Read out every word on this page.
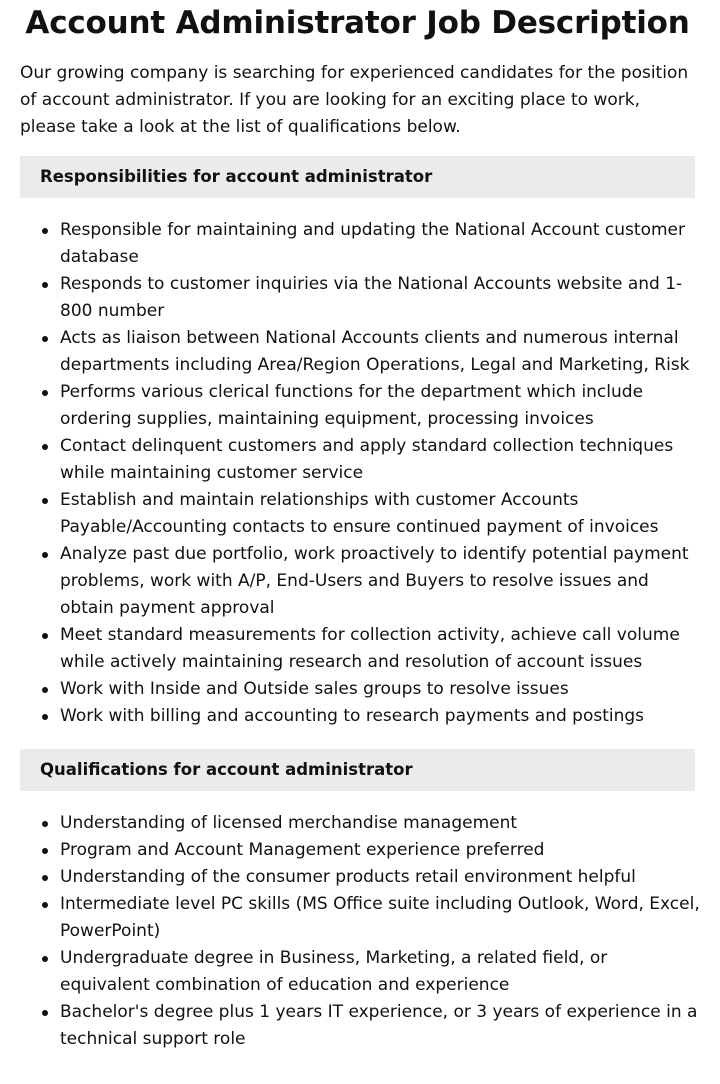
Account Administrator Job Description

Our growing company is searching for experienced candidates for the position of account administrator. If you are looking for an exciting place to work, please take a look at the list of qualifications below.

Responsibilities for account administrator
Responsible for maintaining and updating the National Account customer database
Responds to customer inquiries via the National Accounts website and 1-800 number
Acts as liaison between National Accounts clients and numerous internal departments including Area/Region Operations, Legal and Marketing, Risk
Performs various clerical functions for the department which include ordering supplies, maintaining equipment, processing invoices
Contact delinquent customers and apply standard collection techniques while maintaining customer service
Establish and maintain relationships with customer Accounts Payable/Accounting contacts to ensure continued payment of invoices
Analyze past due portfolio, work proactively to identify potential payment problems, work with A/P, End-Users and Buyers to resolve issues and obtain payment approval
Meet standard measurements for collection activity, achieve call volume while actively maintaining research and resolution of account issues
Work with Inside and Outside sales groups to resolve issues
Work with billing and accounting to research payments and postings
Qualifications for account administrator
Understanding of licensed merchandise management
Program and Account Management experience preferred
Understanding of the consumer products retail environment helpful
Intermediate level PC skills (MS Office suite including Outlook, Word, Excel, PowerPoint)
Undergraduate degree in Business, Marketing, a related field, or equivalent combination of education and experience
Bachelor's degree plus 1 years IT experience, or 3 years of experience in a technical support role
